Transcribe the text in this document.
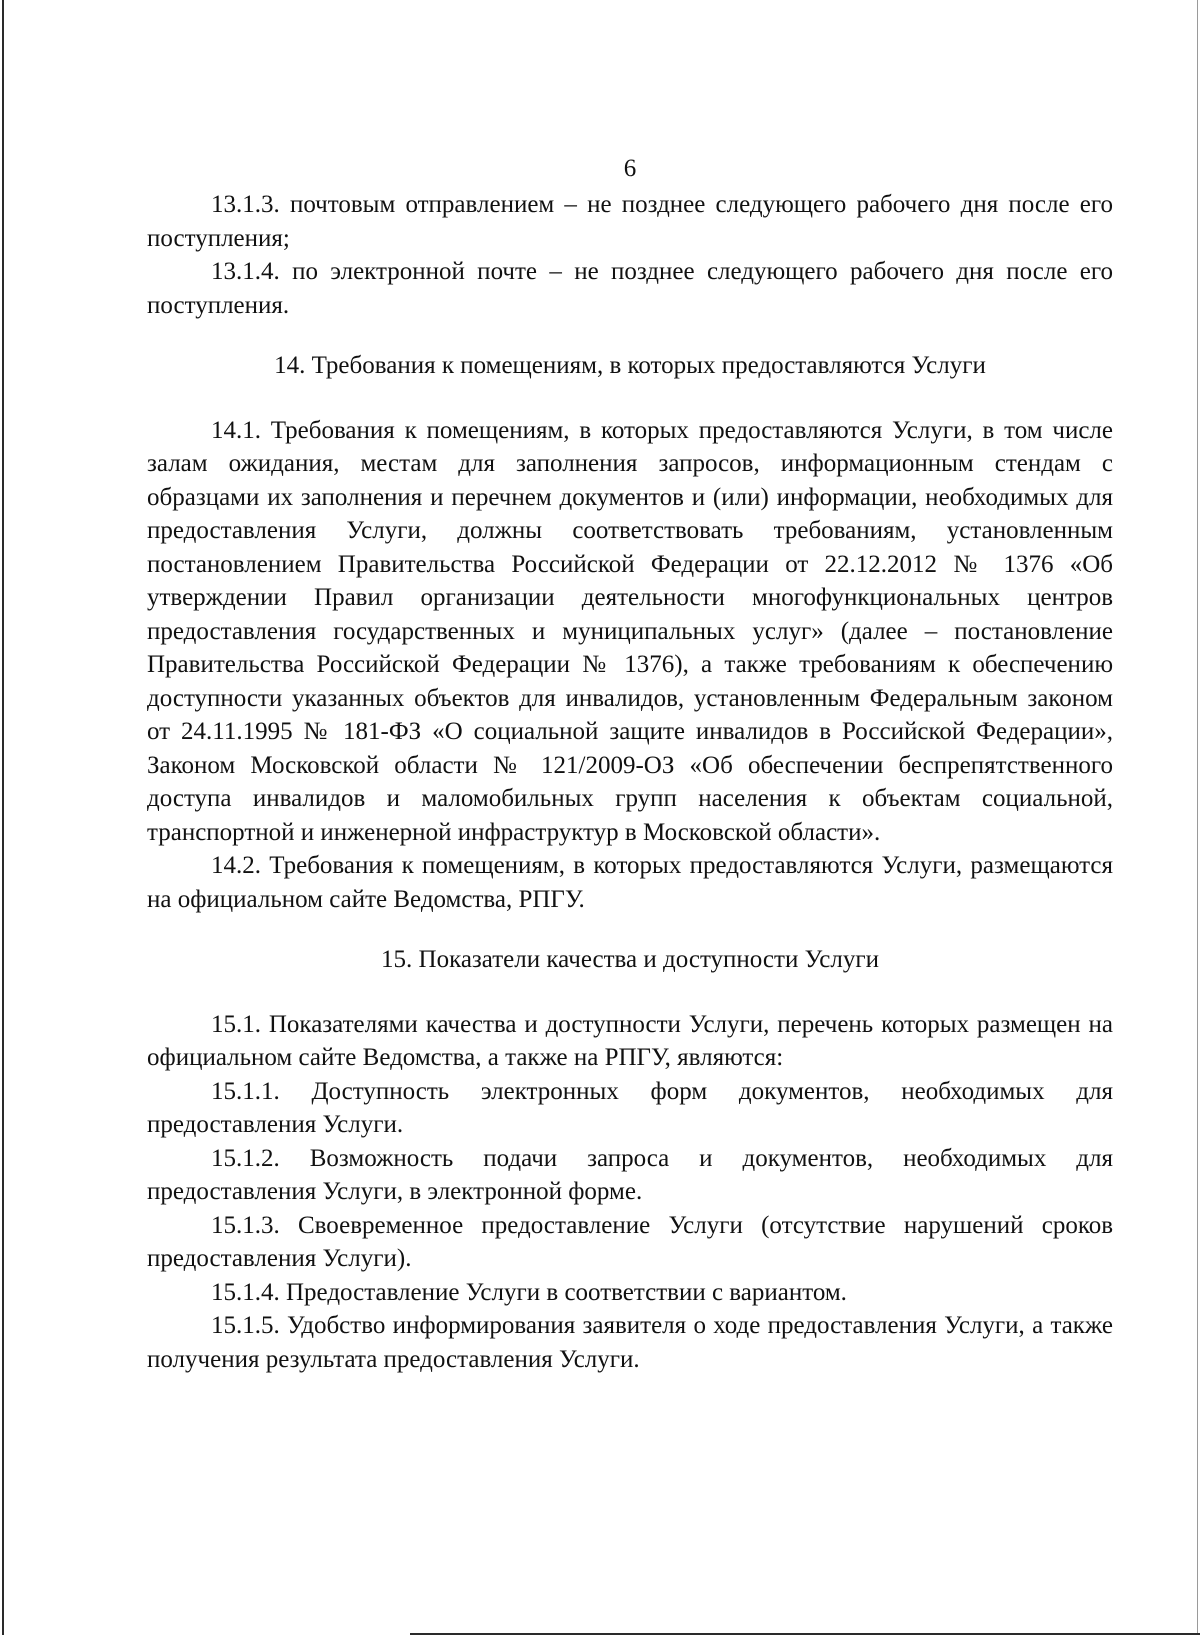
6

13.1.3. почтовым отправлением – не позднее следующего рабочего дня после его поступления;

13.1.4. по электронной почте – не позднее следующего рабочего дня после его поступления.

14. Требования к помещениям, в которых предоставляются Услуги

14.1. Требования к помещениям, в которых предоставляются Услуги, в том числе залам ожидания, местам для заполнения запросов, информационным стендам с образцами их заполнения и перечнем документов и (или) информации, необходимых для предоставления Услуги, должны соответствовать требованиям, установленным постановлением Правительства Российской Федерации от 22.12.2012 № 1376 «Об утверждении Правил организации деятельности многофункциональных центров предоставления государственных и муниципальных услуг» (далее – постановление Правительства Российской Федерации № 1376), а также требованиям к обеспечению доступности указанных объектов для инвалидов, установленным Федеральным законом от 24.11.1995 № 181-ФЗ «О социальной защите инвалидов в Российской Федерации», Законом Московской области № 121/2009-ОЗ «Об обеспечении беспрепятственного доступа инвалидов и маломобильных групп населения к объектам социальной, транспортной и инженерной инфраструктур в Московской области».

14.2. Требования к помещениям, в которых предоставляются Услуги, размещаются на официальном сайте Ведомства, РПГУ.

15. Показатели качества и доступности Услуги

15.1. Показателями качества и доступности Услуги, перечень которых размещен на официальном сайте Ведомства, а также на РПГУ, являются:

15.1.1. Доступность электронных форм документов, необходимых для предоставления Услуги.

15.1.2. Возможность подачи запроса и документов, необходимых для предоставления Услуги, в электронной форме.

15.1.3. Своевременное предоставление Услуги (отсутствие нарушений сроков предоставления Услуги).

15.1.4. Предоставление Услуги в соответствии с вариантом.

15.1.5. Удобство информирования заявителя о ходе предоставления Услуги, а также получения результата предоставления Услуги.
